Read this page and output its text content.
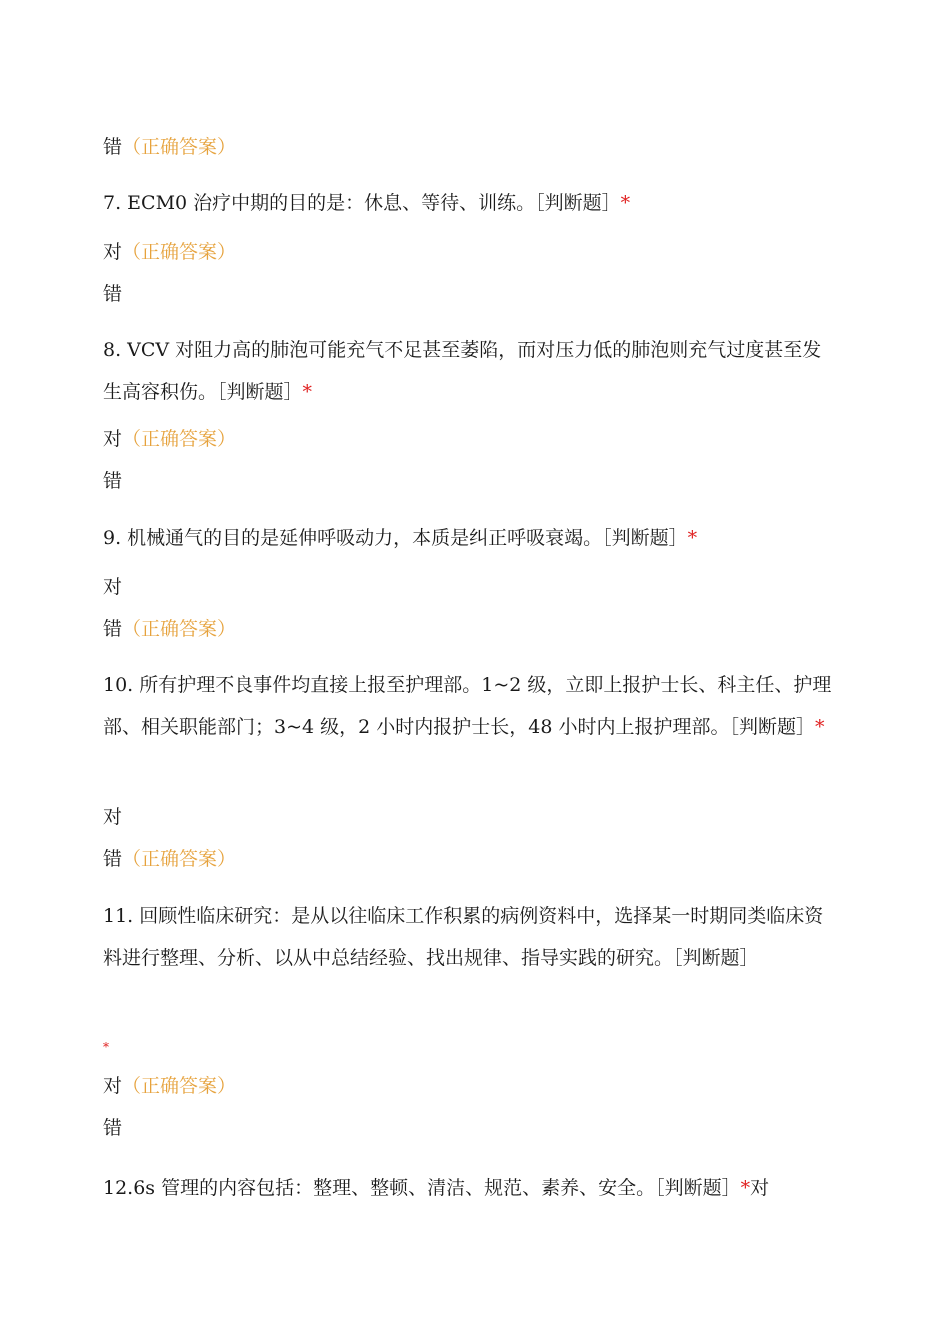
错（正确答案）
7. ECM0 治疗中期的目的是：休息、等待、训练。［判断题］*
对（正确答案）
错
8. VCV 对阻力高的肺泡可能充气不足甚至萎陷，而对压力低的肺泡则充气过度甚至发生高容积伤。［判断题］*
对（正确答案）
错
9. 机械通气的目的是延伸呼吸动力，本质是纠正呼吸衰竭。［判断题］*
对
错（正确答案）
10. 所有护理不良事件均直接上报至护理部。1~2 级，立即上报护士长、科主任、护理部、相关职能部门；3~4 级，2 小时内报护士长，48 小时内上报护理部。［判断题］*
对
错（正确答案）
11. 回顾性临床研究：是从以往临床工作积累的病例资料中，选择某一时期同类临床资料进行整理、分析、以从中总结经验、找出规律、指导实践的研究。［判断题］
*
对（正确答案）
错
12.6s 管理的内容包括：整理、整顿、清洁、规范、素养、安全。［判断题］*对
